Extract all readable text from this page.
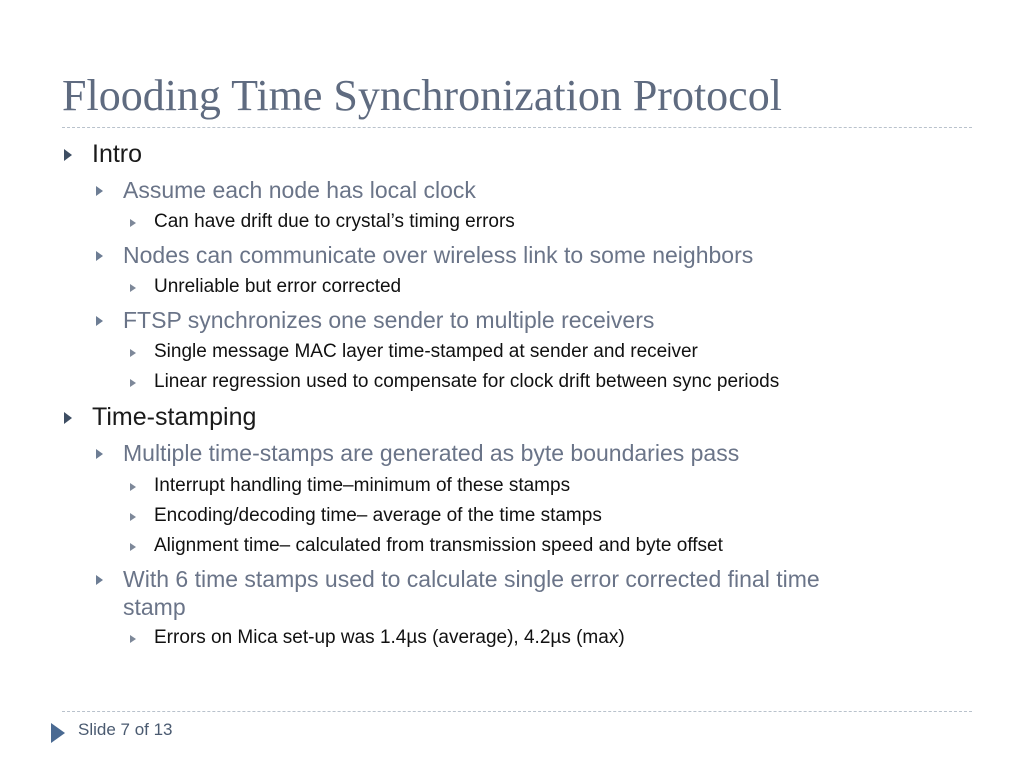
Flooding Time Synchronization Protocol
Intro
Assume each node has local clock
Can have drift due to crystal’s timing errors
Nodes can communicate over wireless link to some neighbors
Unreliable but error corrected
FTSP synchronizes one sender to multiple receivers
Single message MAC layer time-stamped at sender and receiver
Linear regression used to compensate for clock drift between sync periods
Time-stamping
Multiple time-stamps are generated as byte boundaries pass
Interrupt handling time–minimum of these stamps
Encoding/decoding time– average of the time stamps
Alignment time– calculated from transmission speed and byte offset
With 6 time stamps used to calculate single error corrected final time
stamp
Errors on Mica set-up was 1.4µs (average), 4.2µs (max)
Slide 7 of 13
